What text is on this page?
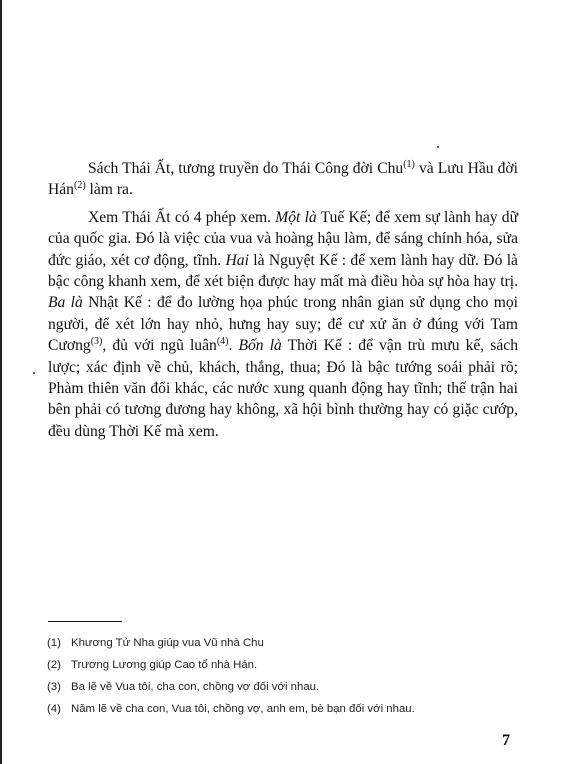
Sách Thái Ất, tương truyền do Thái Công đời Chu$^{(1)}$ và Lưu Hầu đời Hán$^{(2)}$ làm ra.

Xem Thái Ất có 4 phép xem. Một là Tuế Kế; để xem sự lành hay dữ của quốc gia. Đó là việc của vua và hoàng hậu làm, để sáng chính hóa, sửa đức giáo, xét cơ động, tĩnh. Hai là Nguyệt Kế : để xem lành hay dữ. Đó là bậc công khanh xem, để xét biện được hay mất mà điều hòa sự hòa hay trị. Ba là Nhật Kế : để đo lường họa phúc trong nhân gian sử dụng cho mọi người, để xét lớn hay nhỏ, hưng hay suy; để cư xử ăn ở đúng với Tam Cương$^{(3)}$, đủ với ngũ luân$^{(4)}$. Bốn là Thời Kế : để vận trù mưu kế, sách lược; xác định về chủ, khách, thắng, thua; Đó là bậc tướng soái phải rõ; Phàm thiên văn đổi khác, các nước xung quanh động hay tĩnh; thế trận hai bên phải có tương đương hay không, xã hội bình thường hay có giặc cướp, đều dùng Thời Kế mà xem.

(1) Khương Tử Nha giúp vua Vũ nhà Chu
(2) Trương Lương giúp Cao tổ nhà Hán.
(3) Ba lẽ về Vua tôi, cha con, chồng vợ đối với nhau.
(4) Năm lẽ về cha con, Vua tôi, chồng vợ, anh em, bè bạn đối với nhau.
7
